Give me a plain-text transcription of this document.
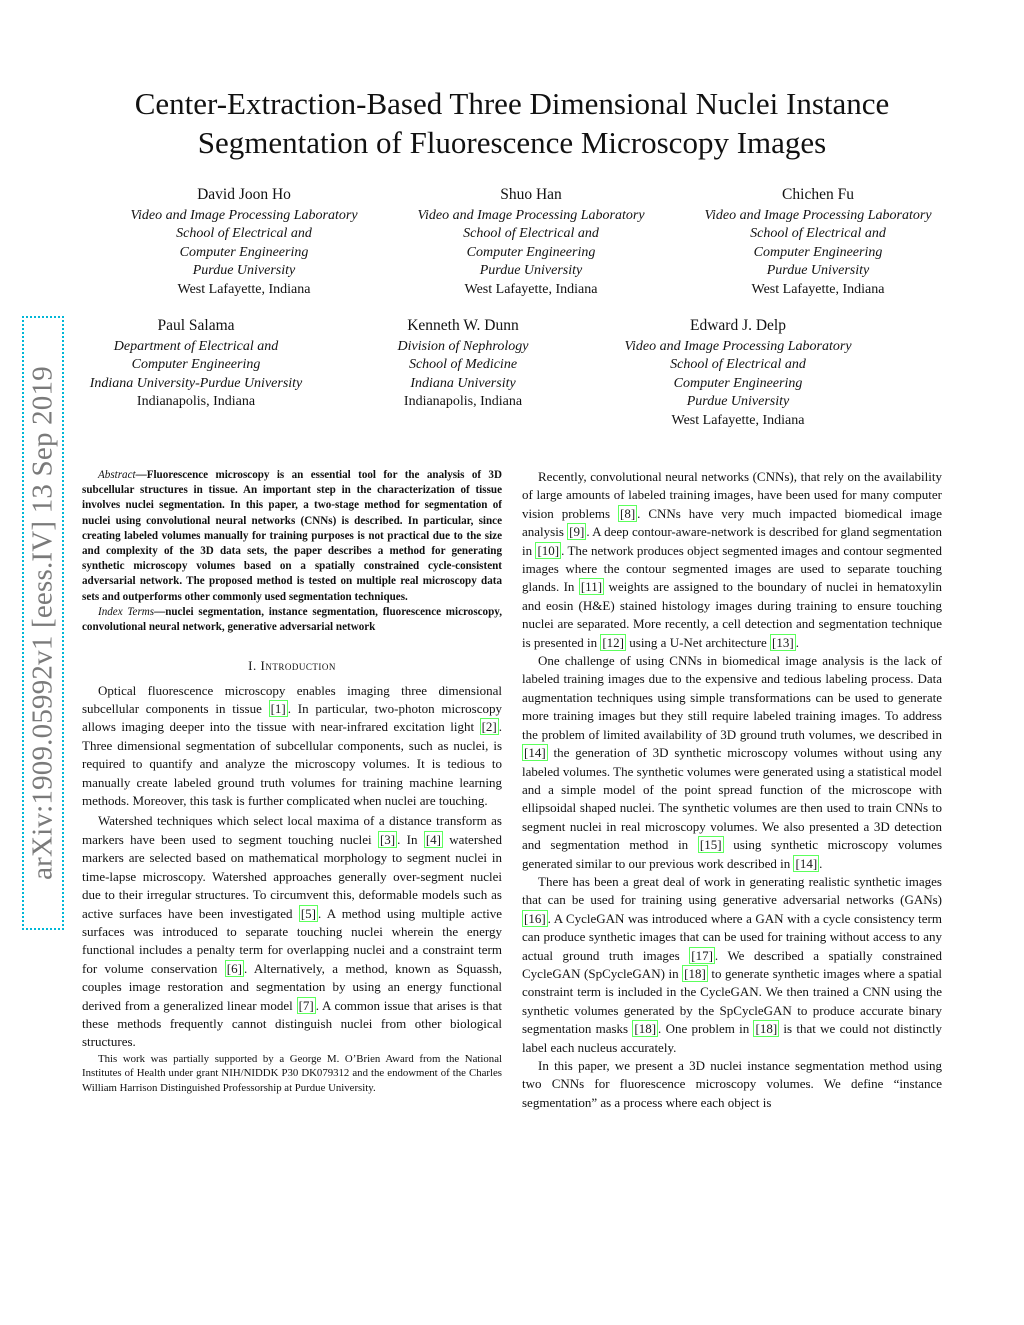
arXiv:1909.05992v1 [eess.IV] 13 Sep 2019
Center-Extraction-Based Three Dimensional Nuclei Instance Segmentation of Fluorescence Microscopy Images
David Joon Ho
Video and Image Processing Laboratory
School of Electrical and
Computer Engineering
Purdue University
West Lafayette, Indiana
Shuo Han
Video and Image Processing Laboratory
School of Electrical and
Computer Engineering
Purdue University
West Lafayette, Indiana
Chichen Fu
Video and Image Processing Laboratory
School of Electrical and
Computer Engineering
Purdue University
West Lafayette, Indiana
Paul Salama
Department of Electrical and
Computer Engineering
Indiana University-Purdue University
Indianapolis, Indiana
Kenneth W. Dunn
Division of Nephrology
School of Medicine
Indiana University
Indianapolis, Indiana
Edward J. Delp
Video and Image Processing Laboratory
School of Electrical and
Computer Engineering
Purdue University
West Lafayette, Indiana

Abstract—Fluorescence microscopy is an essential tool for the analysis of 3D subcellular structures in tissue. An important step in the characterization of tissue involves nuclei segmentation. In this paper, a two-stage method for segmentation of nuclei using convolutional neural networks (CNNs) is described. In particular, since creating labeled volumes manually for training purposes is not practical due to the size and complexity of the 3D data sets, the paper describes a method for generating synthetic microscopy volumes based on a spatially constrained cycle-consistent adversarial network. The proposed method is tested on multiple real microscopy data sets and outperforms other commonly used segmentation techniques.

Index Terms—nuclei segmentation, instance segmentation, fluorescence microscopy, convolutional neural network, generative adversarial network

I. Introduction

Optical fluorescence microscopy enables imaging three dimensional subcellular components in tissue [1] . In particular, two-photon microscopy allows imaging deeper into the tissue with near-infrared excitation light [2] . Three dimensional segmentation of subcellular components, such as nuclei, is required to quantify and analyze the microscopy volumes. It is tedious to manually create labeled ground truth volumes for training machine learning methods. Moreover, this task is further complicated when nuclei are touching.

Watershed techniques which select local maxima of a distance transform as markers have been used to segment touching nuclei [3] . In [4] watershed markers are selected based on mathematical morphology to segment nuclei in time-lapse microscopy. Watershed approaches generally over-segment nuclei due to their irregular structures. To circumvent this, deformable models such as active surfaces have been investigated [5] . A method using multiple active surfaces was introduced to separate touching nuclei wherein the energy functional includes a penalty term for overlapping nuclei and a constraint term for volume conservation [6] . Alternatively, a method, known as Squassh, couples image restoration and segmentation by using an energy functional derived from a generalized linear model [7] . A common issue that arises is that these methods frequently cannot distinguish nuclei from other biological structures.

This work was partially supported by a George M. O’Brien Award from the National Institutes of Health under grant NIH/NIDDK P30 DK079312 and the endowment of the Charles William Harrison Distinguished Professorship at Purdue University.

Recently, convolutional neural networks (CNNs), that rely on the availability of large amounts of labeled training images, have been used for many computer vision problems [8] . CNNs have very much impacted biomedical image analysis [9] . A deep contour-aware-network is described for gland segmentation in [10] . The network produces object segmented images and contour segmented images where the contour segmented images are used to separate touching glands. In [11] weights are assigned to the boundary of nuclei in hematoxylin and eosin (H&E) stained histology images during training to ensure touching nuclei are separated. More recently, a cell detection and segmentation technique is presented in [12] using a U-Net architecture [13] .

One challenge of using CNNs in biomedical image analysis is the lack of labeled training images due to the expensive and tedious labeling process. Data augmentation techniques using simple transformations can be used to generate more training images but they still require labeled training images. To address the problem of limited availability of 3D ground truth volumes, we described in [14] the generation of 3D synthetic microscopy volumes without using any labeled volumes. The synthetic volumes were generated using a statistical model and a simple model of the point spread function of the microscope with ellipsoidal shaped nuclei. The synthetic volumes are then used to train CNNs to segment nuclei in real microscopy volumes. We also presented a 3D detection and segmentation method in [15] using synthetic microscopy volumes generated similar to our previous work described in [14] .

There has been a great deal of work in generating realistic synthetic images that can be used for training using generative adversarial networks (GANs) [16] . A CycleGAN was introduced where a GAN with a cycle consistency term can produce synthetic images that can be used for training without access to any actual ground truth images [17] . We described a spatially constrained CycleGAN (SpCycleGAN) in [18] to generate synthetic images where a spatial constraint term is included in the CycleGAN. We then trained a CNN using the synthetic volumes generated by the SpCycleGAN to produce accurate binary segmentation masks [18] . One problem in [18] is that we could not distinctly label each nucleus accurately.

In this paper, we present a 3D nuclei instance segmentation method using two CNNs for fluorescence microscopy volumes. We define “instance segmentation” as a process where each object is
